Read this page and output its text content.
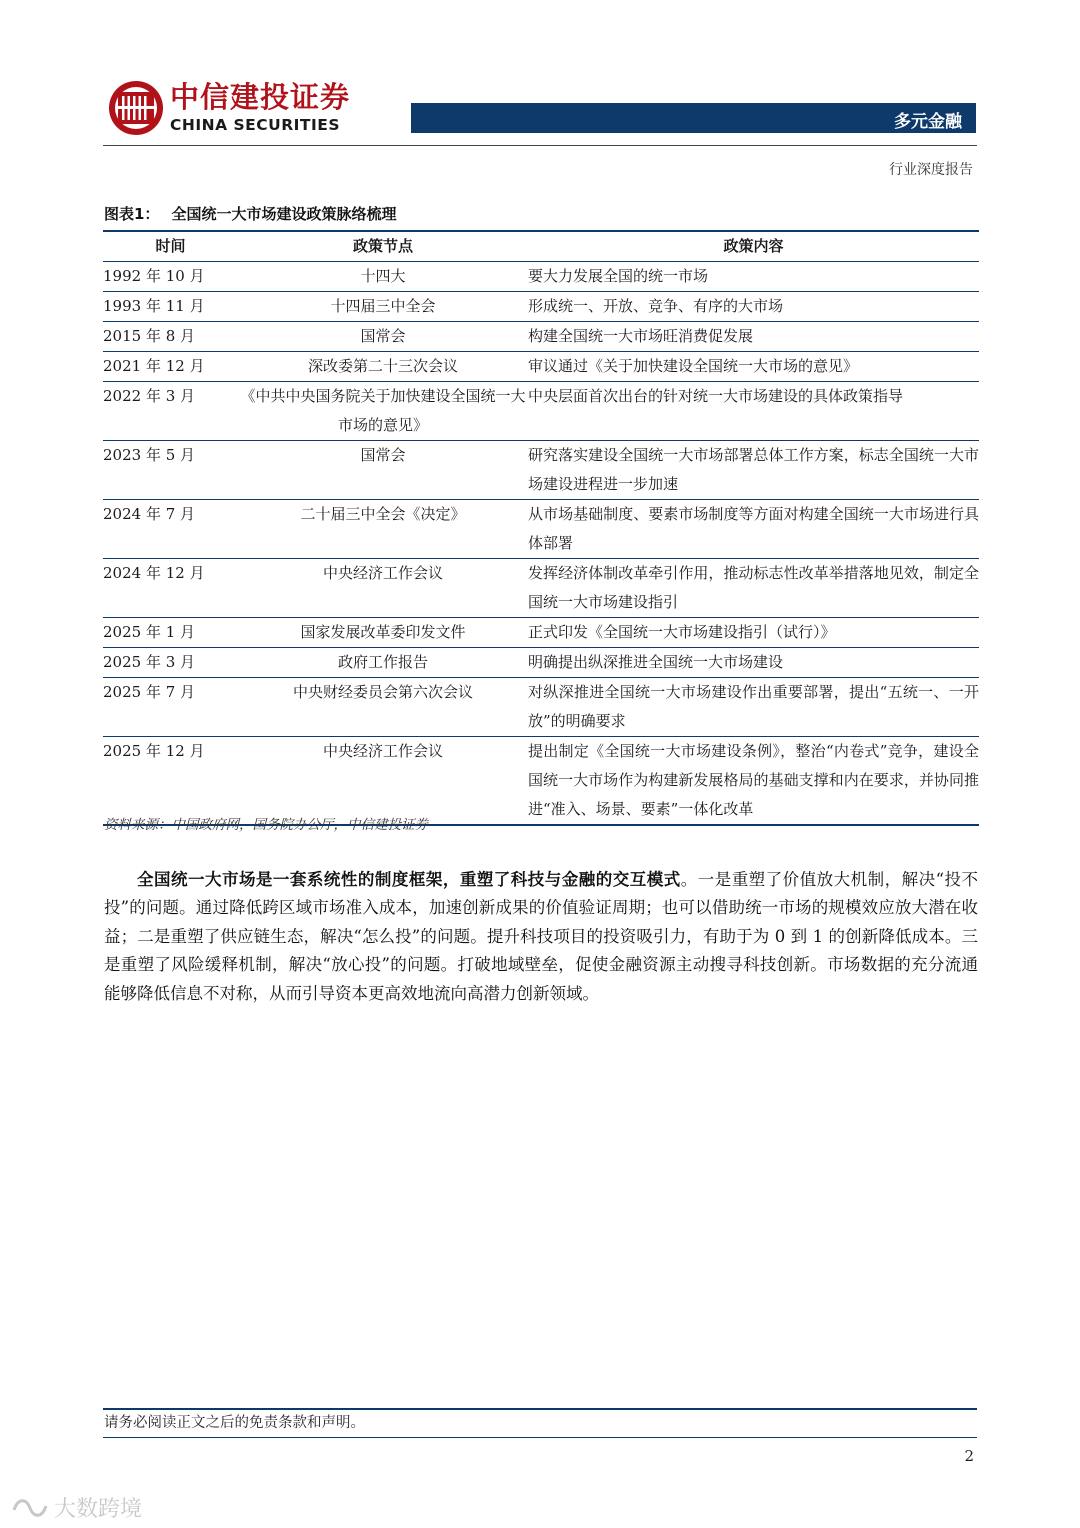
中信建投证券
CHINA SECURITIES	多元金融
行业深度报告
图表1： 全国统一大市场建设政策脉络梳理
时间	政策节点	政策内容
1992 年 10 月	十四大	要大力发展全国的统一市场
1993 年 11 月	十四届三中全会	形成统一、开放、竞争、有序的大市场
2015 年 8 月	国常会	构建全国统一大市场旺消费促发展
2021 年 12 月	深改委第二十三次会议	审议通过《关于加快建设全国统一大市场的意见》
2022 年 3 月	《中共中央国务院关于加快建设全国统一大市场的意见》	中央层面首次出台的针对统一大市场建设的具体政策指导
2023 年 5 月	国常会	研究落实建设全国统一大市场部署总体工作方案，标志全国统一大市场建设进程进一步加速
2024 年 7 月	二十届三中全会《决定》	从市场基础制度、要素市场制度等方面对构建全国统一大市场进行具体部署
2024 年 12 月	中央经济工作会议	发挥经济体制改革牵引作用，推动标志性改革举措落地见效，制定全国统一大市场建设指引
2025 年 1 月	国家发展改革委印发文件	正式印发《全国统一大市场建设指引（试行）》
2025 年 3 月	政府工作报告	明确提出纵深推进全国统一大市场建设
2025 年 7 月	中央财经委员会第六次会议	对纵深推进全国统一大市场建设作出重要部署，提出“五统一、一开放”的明确要求
2025 年 12 月	中央经济工作会议	提出制定《全国统一大市场建设条例》，整治“内卷式”竞争，建设全国统一大市场作为构建新发展格局的基础支撑和内在要求，并协同推进“准入、场景、要素”一体化改革
资料来源：中国政府网，国务院办公厅，中信建投证券

全国统一大市场是一套系统性的制度框架，重塑了科技与金融的交互模式。一是重塑了价值放大机制，解决“投不投”的问题。通过降低跨区域市场准入成本，加速创新成果的价值验证周期；也可以借助统一市场的规模效应放大潜在收益；二是重塑了供应链生态，解决“怎么投”的问题。提升科技项目的投资吸引力，有助于为 0 到 1 的创新降低成本。三是重塑了风险缓释机制，解决“放心投”的问题。打破地域壁垒，促使金融资源主动搜寻科技创新。市场数据的充分流通能够降低信息不对称，从而引导资本更高效地流向高潜力创新领域。

请务必阅读正文之后的免责条款和声明。
2
大数跨境
